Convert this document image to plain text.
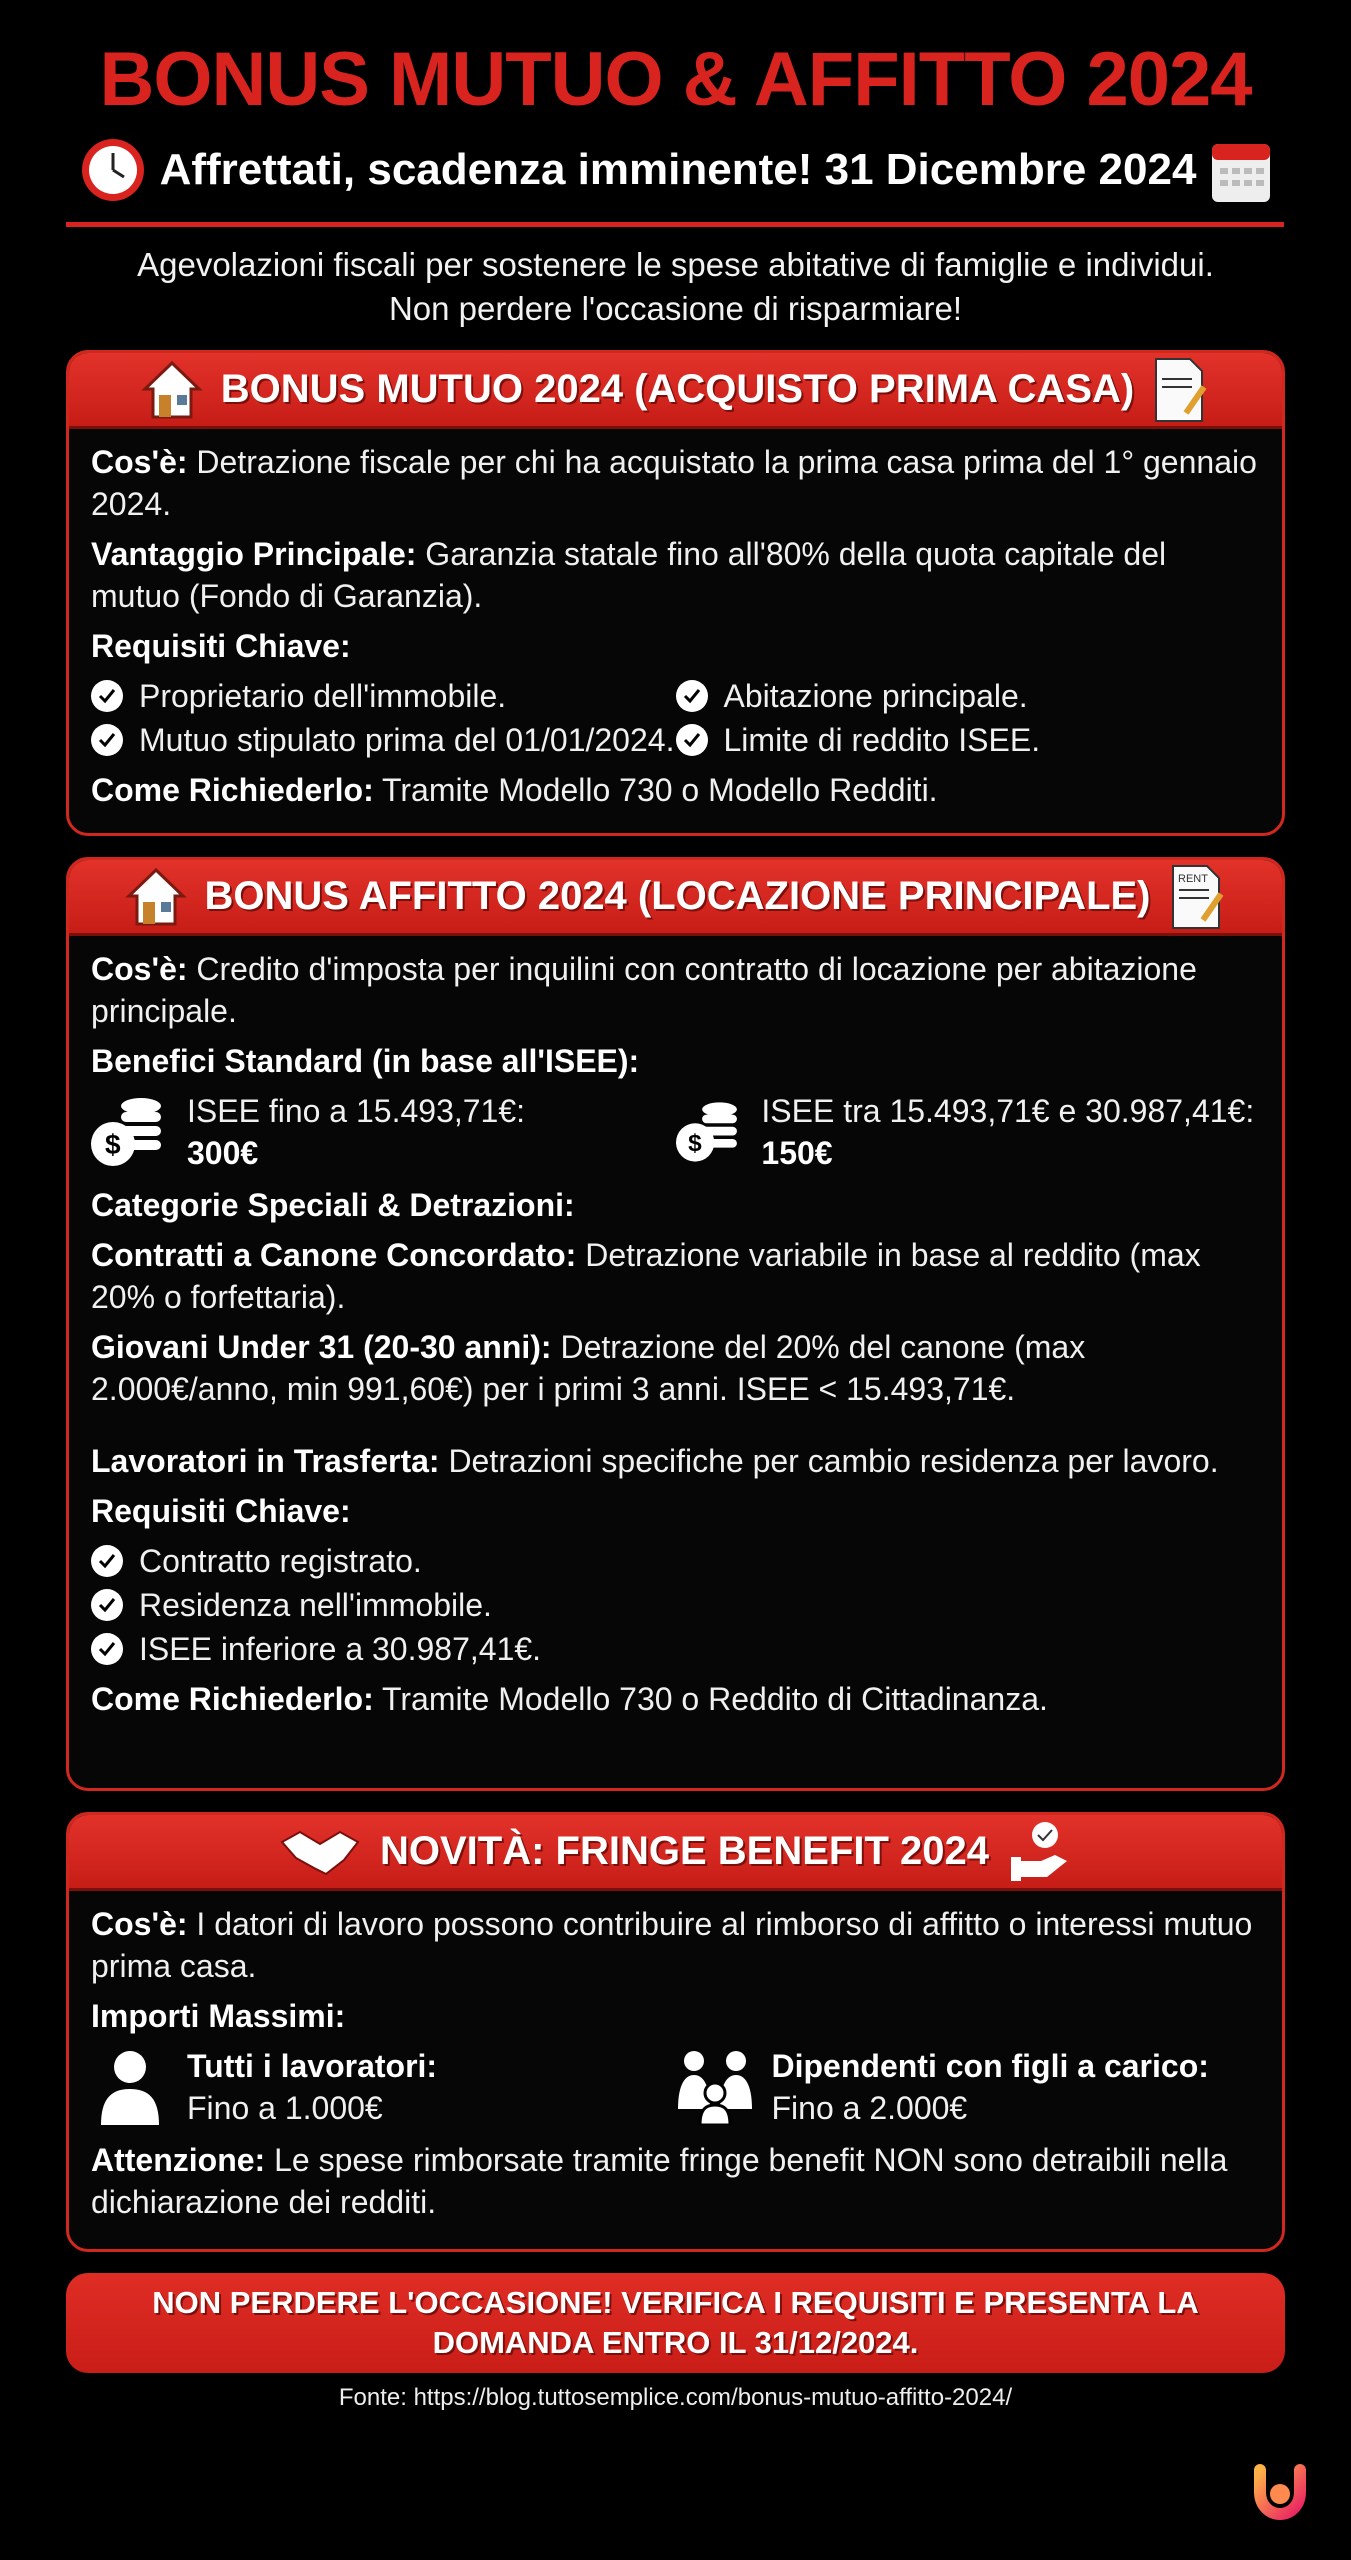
BONUS MUTUO & AFFITTO 2024
Affrettati, scadenza imminente! 31 Dicembre 2024
Agevolazioni fiscali per sostenere le spese abitative di famiglie e individui.
Non perdere l'occasione di risparmiare!
BONUS MUTUO 2024 (ACQUISTO PRIMA CASA)
Cos'è: Detrazione fiscale per chi ha acquistato la prima casa prima del 1° gennaio 2024.
Vantaggio Principale: Garanzia statale fino all'80% della quota capitale del mutuo (Fondo di Garanzia).
Requisiti Chiave:
Proprietario dell'immobile.	Abitazione principale.
Mutuo stipulato prima del 01/01/2024. Limite di reddito ISEE.
Come Richiederlo: Tramite Modello 730 o Modello Redditi.
BONUS AFFITTO 2024 (LOCAZIONE PRINCIPALE) RENT
Cos'è: Credito d'imposta per inquilini con contratto di locazione per abitazione principale.
Benefici Standard (in base all'ISEE):
$
ISEE fino a 15.493,71€:
300€	$
ISEE tra 15.493,71€ e 30.987,41€: 150€
Categorie Speciali & Detrazioni:
Contratti a Canone Concordato: Detrazione variabile in base al reddito (max 20% o forfettaria).
Giovani Under 31 (20-30 anni): Detrazione del 20% del canone (max 2.000€/anno, min 991,60€) per i primi 3 anni. ISEE < 15.493,71€.
Lavoratori in Trasferta: Detrazioni specifiche per cambio residenza per lavoro.
Requisiti Chiave:
Contratto registrato.
Residenza nell'immobile.
ISEE inferiore a 30.987,41€.
Come Richiederlo: Tramite Modello 730 o Reddito di Cittadinanza.
NOVITÀ: FRINGE BENEFIT 2024
Cos'è: I datori di lavoro possono contribuire al rimborso di affitto o interessi mutuo prima casa.
Importi Massimi:
Tutti i lavoratori:
Fino a 1.000€
Dipendenti con figli a carico:
Fino a 2.000€
Attenzione: Le spese rimborsate tramite fringe benefit NON sono detraibili nella dichiarazione dei redditi.
NON PERDERE L'OCCASIONE! VERIFICA I REQUISITI E PRESENTA LA DOMANDA ENTRO IL 31/12/2024.
Fonte: https://blog.tuttosemplice.com/bonus-mutuo-affitto-2024/
